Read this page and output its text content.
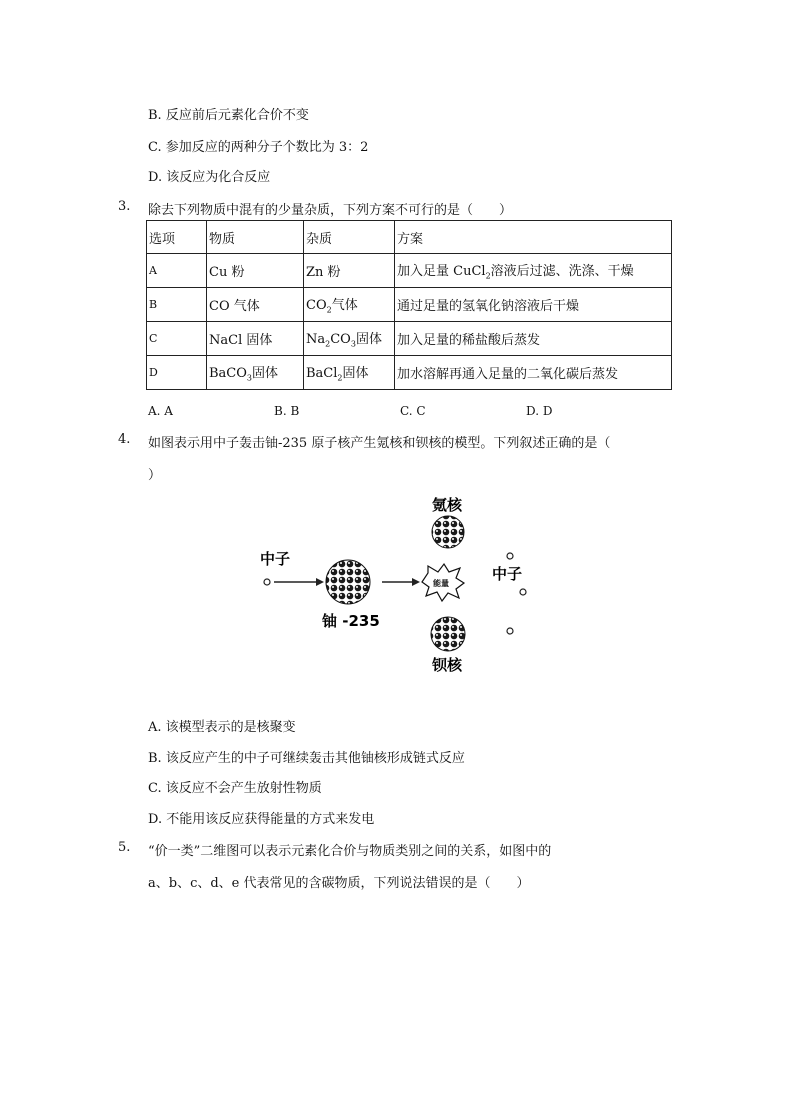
B. 反应前后元素化合价不变
C. 参加反应的两种分子个数比为 3：2
D. 该反应为化合反应
3. 除去下列物质中混有的少量杂质，下列方案不可行的是（　　）
选项	物质	杂质	方案
A	Cu 粉	Zn 粉	加入足量 CuCl$_2$溶液后过滤、洗涤、干燥
B	CO 气体	$CO_2$气体	通过足量的氢氧化钠溶液后干燥
C	NaCl 固体	$Na_2CO_3$固体	加入足量的稀盐酸后蒸发
D	BaCO$_3$固体	BaCl$_2$固体	加水溶解再通入足量的二氧化碳后蒸发
A. A	B. B	C. C	D. D
4. 如图表示用中子轰击铀-235 原子核产生氪核和钡核的模型。下列叙述正确的是（
）
中子
铀 -235
能量
氪核
钡核
中子
A. 该模型表示的是核聚变
B. 该反应产生的中子可继续轰击其他铀核形成链式反应
C. 该反应不会产生放射性物质
D. 不能用该反应获得能量的方式来发电
5. “价一类”二维图可以表示元素化合价与物质类别之间的关系，如图中的
a、b、c、d、e 代表常见的含碳物质，下列说法错误的是（　　）
